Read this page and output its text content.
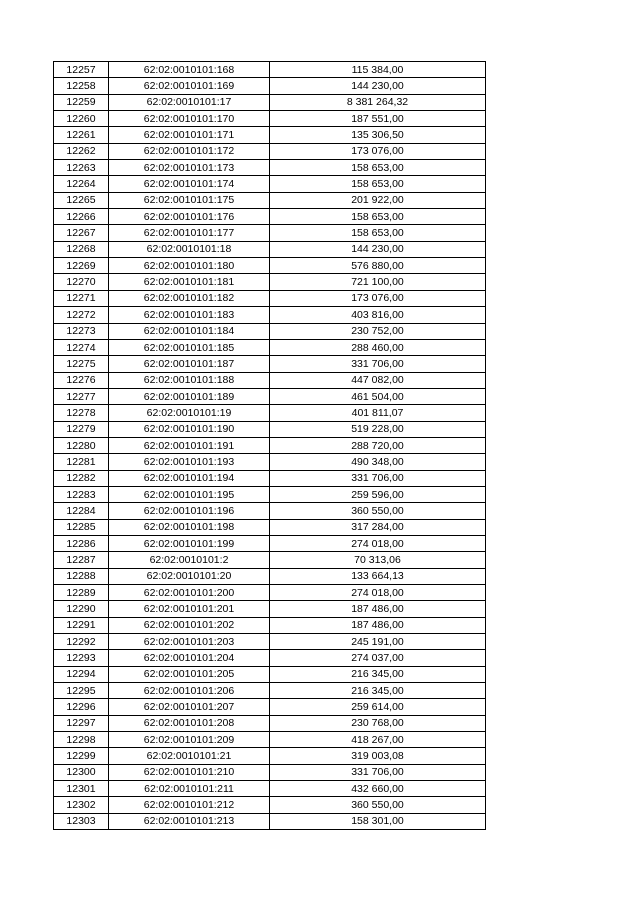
12257	62:02:0010101:168	115 384,00
12258	62:02:0010101:169	144 230,00
12259	62:02:0010101:17	8 381 264,32
12260	62:02:0010101:170	187 551,00
12261	62:02:0010101:171	135 306,50
12262	62:02:0010101:172	173 076,00
12263	62:02:0010101:173	158 653,00
12264	62:02:0010101:174	158 653,00
12265	62:02:0010101:175	201 922,00
12266	62:02:0010101:176	158 653,00
12267	62:02:0010101:177	158 653,00
12268	62:02:0010101:18	144 230,00
12269	62:02:0010101:180	576 880,00
12270	62:02:0010101:181	721 100,00
12271	62:02:0010101:182	173 076,00
12272	62:02:0010101:183	403 816,00
12273	62:02:0010101:184	230 752,00
12274	62:02:0010101:185	288 460,00
12275	62:02:0010101:187	331 706,00
12276	62:02:0010101:188	447 082,00
12277	62:02:0010101:189	461 504,00
12278	62:02:0010101:19	401 811,07
12279	62:02:0010101:190	519 228,00
12280	62:02:0010101:191	288 720,00
12281	62:02:0010101:193	490 348,00
12282	62:02:0010101:194	331 706,00
12283	62:02:0010101:195	259 596,00
12284	62:02:0010101:196	360 550,00
12285	62:02:0010101:198	317 284,00
12286	62:02:0010101:199	274 018,00
12287	62:02:0010101:2	70 313,06
12288	62:02:0010101:20	133 664,13
12289	62:02:0010101:200	274 018,00
12290	62:02:0010101:201	187 486,00
12291	62:02:0010101:202	187 486,00
12292	62:02:0010101:203	245 191,00
12293	62:02:0010101:204	274 037,00
12294	62:02:0010101:205	216 345,00
12295	62:02:0010101:206	216 345,00
12296	62:02:0010101:207	259 614,00
12297	62:02:0010101:208	230 768,00
12298	62:02:0010101:209	418 267,00
12299	62:02:0010101:21	319 003,08
12300	62:02:0010101:210	331 706,00
12301	62:02:0010101:211	432 660,00
12302	62:02:0010101:212	360 550,00
12303	62:02:0010101:213	158 301,00
